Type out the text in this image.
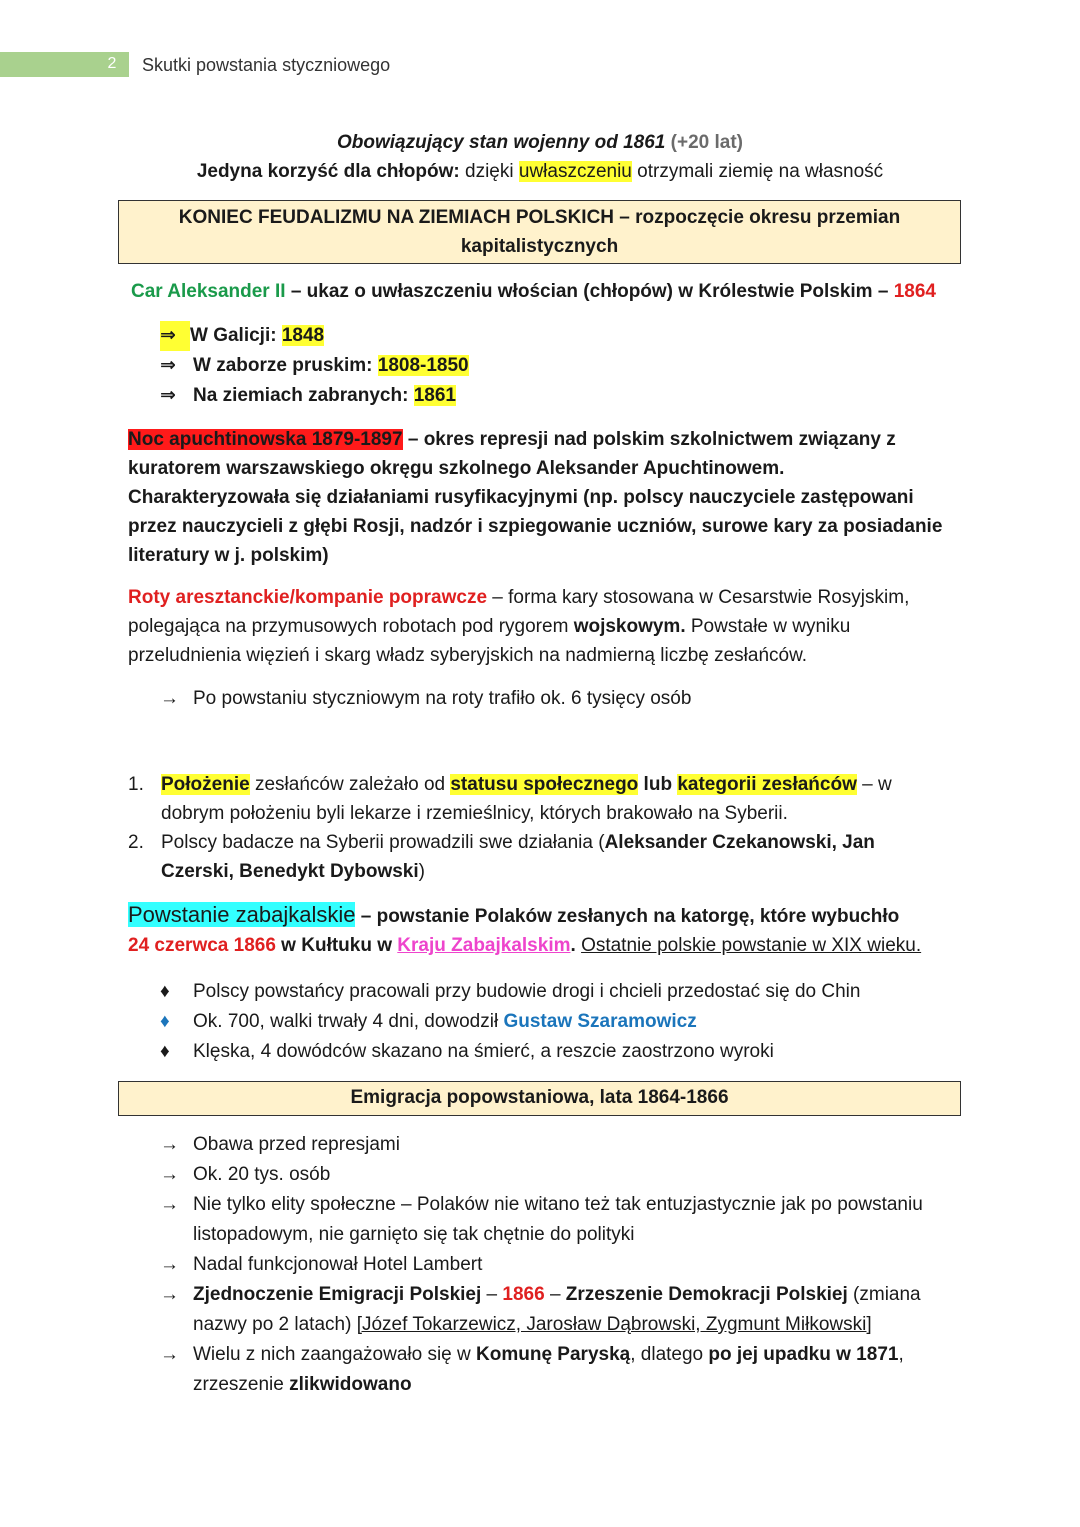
2 Skutki powstania styczniowego
Obowiązujący stan wojenny od 1861 (+20 lat)
Jedyna korzyść dla chłopów: dzięki uwłaszczeniu otrzymali ziemię na własność
KONIEC FEUDALIZMU NA ZIEMIACH POLSKICH – rozpoczęcie okresu przemian
kapitalistycznych
Car Aleksander II – ukaz o uwłaszczeniu włościan (chłopów) w Królestwie Polskim – 1864
⇒ W Galicji: 1848
⇒ W zaborze pruskim: 1808-1850
⇒ Na ziemiach zabranych: 1861
Noc apuchtinowska 1879-1897 – okres represji nad polskim szkolnictwem związany z
kuratorem warszawskiego okręgu szkolnego Aleksander Apuchtinowem.
Charakteryzowała się działaniami rusyfikacyjnymi (np. polscy nauczyciele zastępowani
przez nauczycieli z głębi Rosji, nadzór i szpiegowanie uczniów, surowe kary za posiadanie
literatury w j. polskim)
Roty aresztanckie/kompanie poprawcze – forma kary stosowana w Cesarstwie Rosyjskim,
polegająca na przymusowych robotach pod rygorem wojskowym. Powstałe w wyniku
przeludnienia więzień i skarg władz syberyjskich na nadmierną liczbę zesłańców.
→ Po powstaniu styczniowym na roty trafiło ok. 6 tysięcy osób
1. Położenie zesłańców zależało od statusu społecznego lub kategorii zesłańców – w
dobrym położeniu byli lekarze i rzemieślnicy, których brakowało na Syberii.
2. Polscy badacze na Syberii prowadzili swe działania (Aleksander Czekanowski, Jan
Czerski, Benedykt Dybowski)
Powstanie zabajkalskie – powstanie Polaków zesłanych na katorgę, które wybuchło
24 czerwca 1866 w Kułtuku w Kraju Zabajkalskim. Ostatnie polskie powstanie w XIX wieku.
♦ Polscy powstańcy pracowali przy budowie drogi i chcieli przedostać się do Chin
♦ Ok. 700, walki trwały 4 dni, dowodził Gustaw Szaramowicz
♦ Klęska, 4 dowódców skazano na śmierć, a reszcie zaostrzono wyroki
Emigracja popowstaniowa, lata 1864-1866
→ Obawa przed represjami
→ Ok. 20 tys. osób
→ Nie tylko elity społeczne – Polaków nie witano też tak entuzjastycznie jak po powstaniu
listopadowym, nie garnięto się tak chętnie do polityki
→ Nadal funkcjonował Hotel Lambert
→ Zjednoczenie Emigracji Polskiej – 1866 – Zrzeszenie Demokracji Polskiej (zmiana
nazwy po 2 latach) [Józef Tokarzewicz, Jarosław Dąbrowski, Zygmunt Miłkowski]
→ Wielu z nich zaangażowało się w Komunę Paryską, dlatego po jej upadku w 1871,
zrzeszenie zlikwidowano
